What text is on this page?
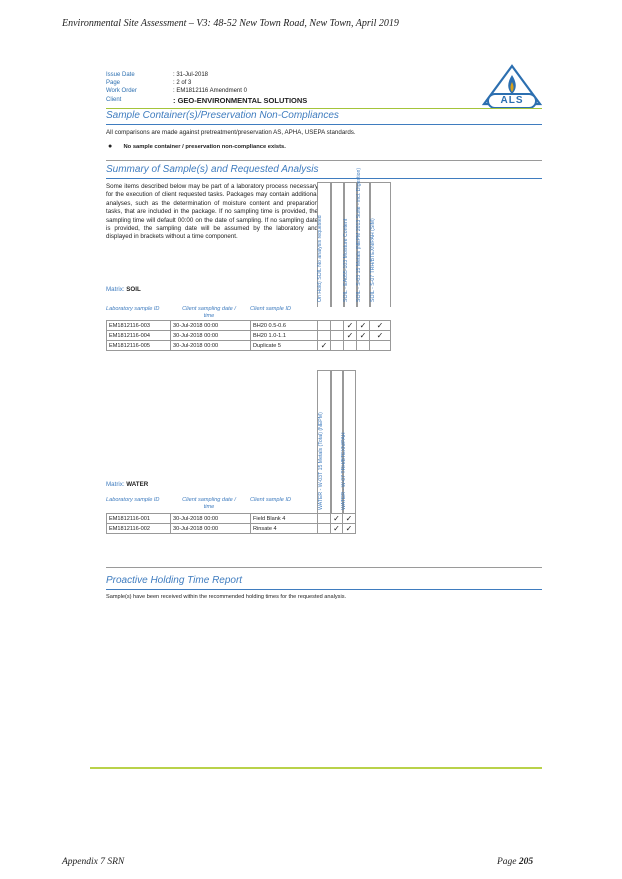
Environmental Site Assessment – V3: 48-52 New Town Road, New Town, April 2019
Issue Date	: 31-Jul-2018
Page	: 2 of 3
Work Order	: EM1812116 Amendment 0
Client	: GEO-ENVIRONMENTAL SOLUTIONS	ALS
Sample Container(s)/Preservation Non-Compliances
All comparisons are made against pretreatment/preservation AS, APHA, USEPA standards.
● No sample container / preservation non-compliance exists.
Summary of Sample(s) and Requested Analysis
Some items described below may be part of a laboratory process necessary for the execution of client requested tasks. Packages may contain additional analyses, such as the determination of moisture content and preparation tasks, that are included in the package. If no sampling time is provided, the sampling time will default 00:00 on the date of sampling. If no sampling date is provided, the sampling date will be assumed by the laboratory and displayed in brackets without a time component.	On Hold) SOIL No analysis requested	SOIL - EA055-103 Moisture Content SOIL - S-03 15 Metals (NEPM 2013 Suite - incl. Digestion) SOIL - S-07 TRH/BTEXN/PAH (SIM)
Matrix: SOIL
Laboratory sample ID	Client sampling date / time
Client sample ID
EM1812116-003	30-Jul-2018 00:00	BH20 0.5-0.6			✓	✓	✓
EM1812116-004	30-Jul-2018 00:00	BH20 1.0-1.1			✓	✓	✓
EM1812116-005	30-Jul-2018 00:00	Duplicate 5	✓				
WATER - W-03T 15 Metals (Total) (NEPM)	WATER - W-07 TRH/BTEXN/PAH
Matrix: WATER
Laboratory sample ID	Client sampling date / time
Client sample ID
EM1812116-001	30-Jul-2018 00:00	Field Blank 4		✓	✓
EM1812116-002	30-Jul-2018 00:00	Rinsate 4		✓	✓
Proactive Holding Time Report
Sample(s) have been received within the recommended holding times for the requested analysis.
Appendix 7 SRN	Page 205
